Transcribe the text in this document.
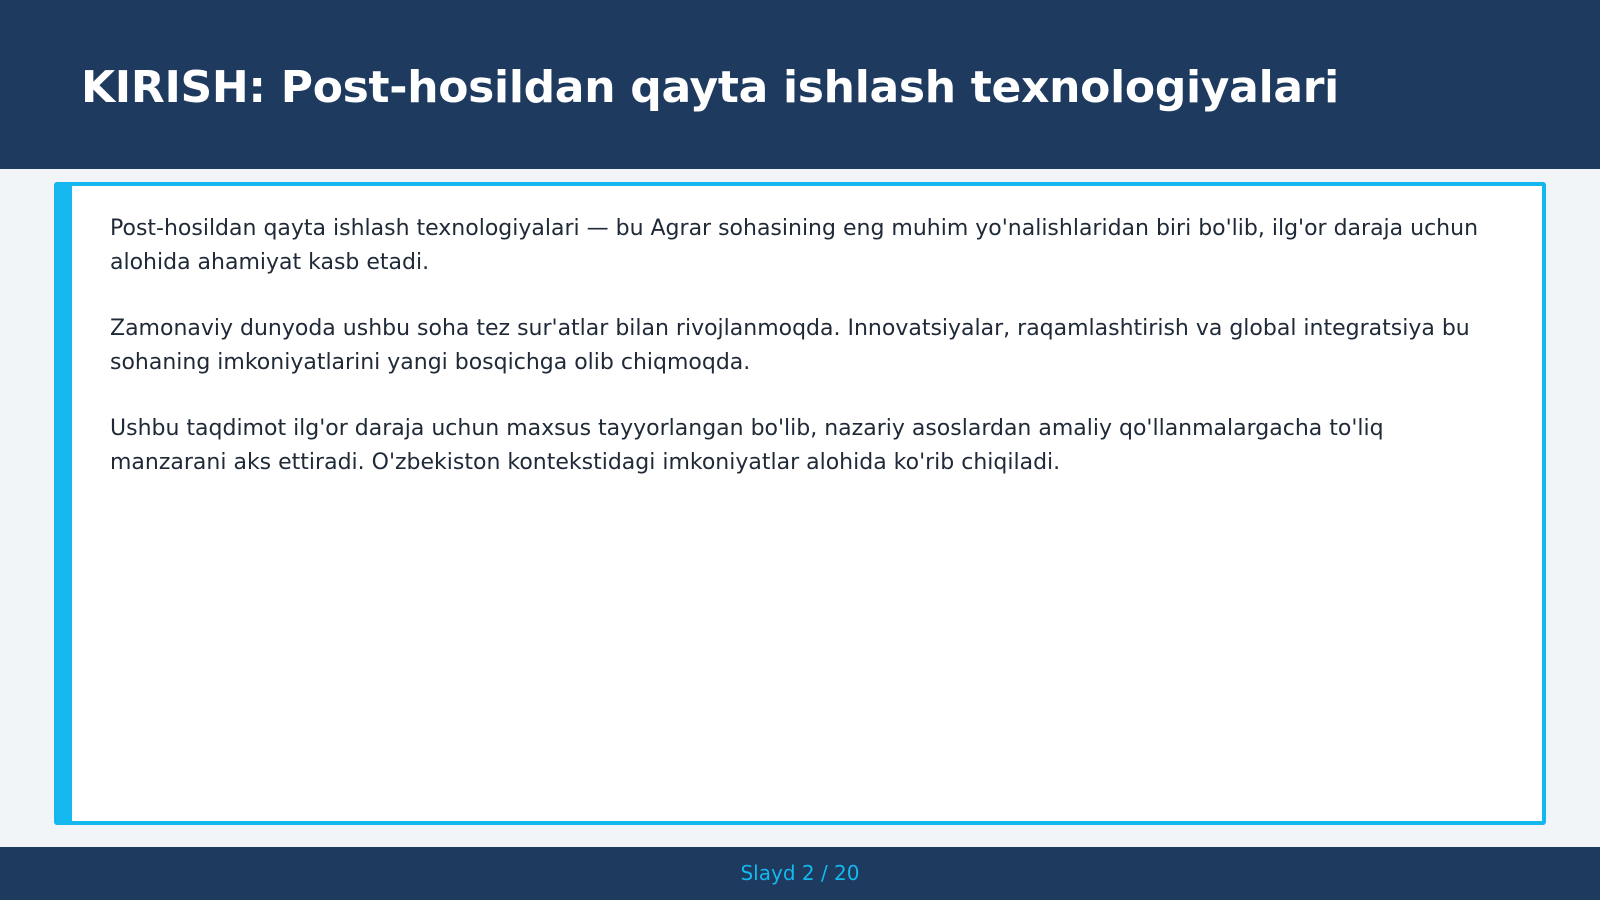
KIRISH: Post-hosildan qayta ishlash texnologiyalari

Post-hosildan qayta ishlash texnologiyalari — bu Agrar sohasining eng muhim yo'nalishlaridan biri bo'lib, ilg'or daraja uchun alohida ahamiyat kasb etadi.

Zamonaviy dunyoda ushbu soha tez sur'atlar bilan rivojlanmoqda. Innovatsiyalar, raqamlashtirish va global integratsiya bu sohaning imkoniyatlarini yangi bosqichga olib chiqmoqda.

Ushbu taqdimot ilg'or daraja uchun maxsus tayyorlangan bo'lib, nazariy asoslardan amaliy qo'llanmalargacha to'liq manzarani aks ettiradi. O'zbekiston kontekstidagi imkoniyatlar alohida ko'rib chiqiladi.

Slayd 2 / 20
